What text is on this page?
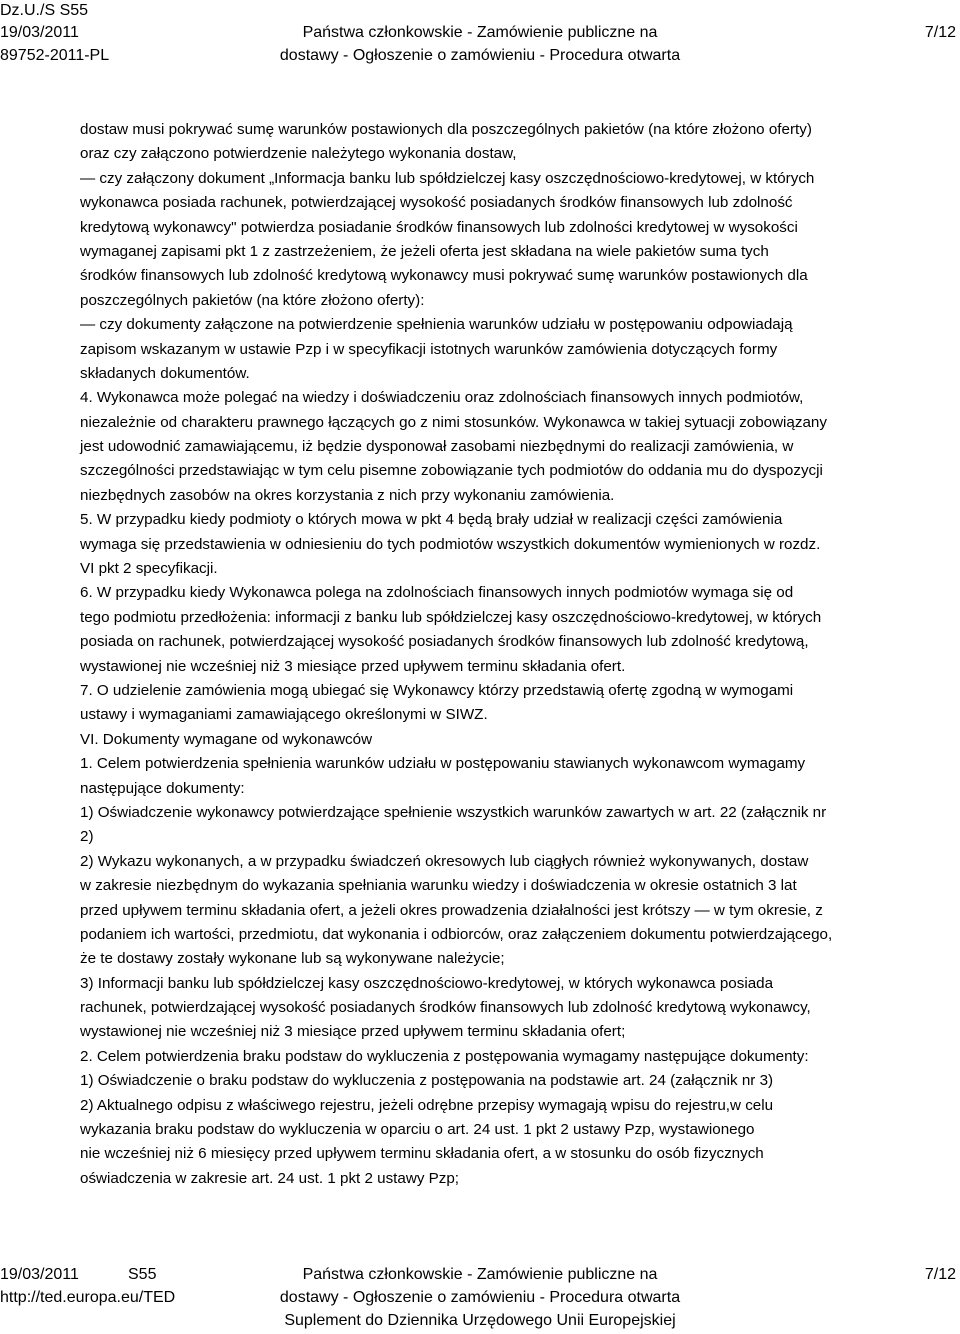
Dz.U./S S55
19/03/2011
89752-2011-PL
Państwa członkowskie - Zamówienie publiczne na
dostawy - Ogłoszenie o zamówieniu - Procedura otwarta
7/12
dostaw musi pokrywać sumę warunków postawionych dla poszczególnych pakietów (na które złożono oferty)
oraz czy załączono potwierdzenie należytego wykonania dostaw,
— czy załączony dokument „Informacja banku lub spółdzielczej kasy oszczędnościowo-kredytowej, w których
wykonawca posiada rachunek, potwierdzającej wysokość posiadanych środków finansowych lub zdolność
kredytową wykonawcy" potwierdza posiadanie środków finansowych lub zdolności kredytowej w wysokości
wymaganej zapisami pkt 1 z zastrzeżeniem, że jeżeli oferta jest składana na wiele pakietów suma tych
środków finansowych lub zdolność kredytową wykonawcy musi pokrywać sumę warunków postawionych dla
poszczególnych pakietów (na które złożono oferty):
— czy dokumenty załączone na potwierdzenie spełnienia warunków udziału w postępowaniu odpowiadają
zapisom wskazanym w ustawie Pzp i w specyfikacji istotnych warunków zamówienia dotyczących formy
składanych dokumentów.
4. Wykonawca może polegać na wiedzy i doświadczeniu oraz zdolnościach finansowych innych podmiotów,
niezależnie od charakteru prawnego łączących go z nimi stosunków. Wykonawca w takiej sytuacji zobowiązany
jest udowodnić zamawiającemu, iż będzie dysponował zasobami niezbędnymi do realizacji zamówienia, w
szczególności przedstawiając w tym celu pisemne zobowiązanie tych podmiotów do oddania mu do dyspozycji
niezbędnych zasobów na okres korzystania z nich przy wykonaniu zamówienia.
5. W przypadku kiedy podmioty o których mowa w pkt 4 będą brały udział w realizacji części zamówienia
wymaga się przedstawienia w odniesieniu do tych podmiotów wszystkich dokumentów wymienionych w rozdz.
VI pkt 2 specyfikacji.
6. W przypadku kiedy Wykonawca polega na zdolnościach finansowych innych podmiotów wymaga się od
tego podmiotu przedłożenia: informacji z banku lub spółdzielczej kasy oszczędnościowo-kredytowej, w których
posiada on rachunek, potwierdzającej wysokość posiadanych środków finansowych lub zdolność kredytową,
wystawionej nie wcześniej niż 3 miesiące przed upływem terminu składania ofert.
7. O udzielenie zamówienia mogą ubiegać się Wykonawcy którzy przedstawią ofertę zgodną w wymogami
ustawy i wymaganiami zamawiającego określonymi w SIWZ.
VI. Dokumenty wymagane od wykonawców
1. Celem potwierdzenia spełnienia warunków udziału w postępowaniu stawianych wykonawcom wymagamy
następujące dokumenty:
1) Oświadczenie wykonawcy potwierdzające spełnienie wszystkich warunków zawartych w art. 22 (załącznik nr
2)
2) Wykazu wykonanych, a w przypadku świadczeń okresowych lub ciągłych również wykonywanych, dostaw
w zakresie niezbędnym do wykazania spełniania warunku wiedzy i doświadczenia w okresie ostatnich 3 lat
przed upływem terminu składania ofert, a jeżeli okres prowadzenia działalności jest krótszy — w tym okresie, z
podaniem ich wartości, przedmiotu, dat wykonania i odbiorców, oraz załączeniem dokumentu potwierdzającego,
że te dostawy zostały wykonane lub są wykonywane należycie;
3) Informacji banku lub spółdzielczej kasy oszczędnościowo-kredytowej, w których wykonawca posiada
rachunek, potwierdzającej wysokość posiadanych środków finansowych lub zdolność kredytową wykonawcy,
wystawionej nie wcześniej niż 3 miesiące przed upływem terminu składania ofert;
2. Celem potwierdzenia braku podstaw do wykluczenia z postępowania wymagamy następujące dokumenty:
1) Oświadczenie o braku podstaw do wykluczenia z postępowania na podstawie art. 24 (załącznik nr 3)
2) Aktualnego odpisu z właściwego rejestru, jeżeli odrębne przepisy wymagają wpisu do rejestru,w celu
wykazania braku podstaw do wykluczenia w oparciu o art. 24 ust. 1 pkt 2 ustawy Pzp, wystawionego
nie wcześniej niż 6 miesięcy przed upływem terminu składania ofert, a w stosunku do osób fizycznych
oświadczenia w zakresie art. 24 ust. 1 pkt 2 ustawy Pzp;
19/03/2011	S55
http://ted.europa.eu/TED
Państwa członkowskie - Zamówienie publiczne na
dostawy - Ogłoszenie o zamówieniu - Procedura otwarta
Suplement do Dziennika Urzędowego Unii Europejskiej
7/12
